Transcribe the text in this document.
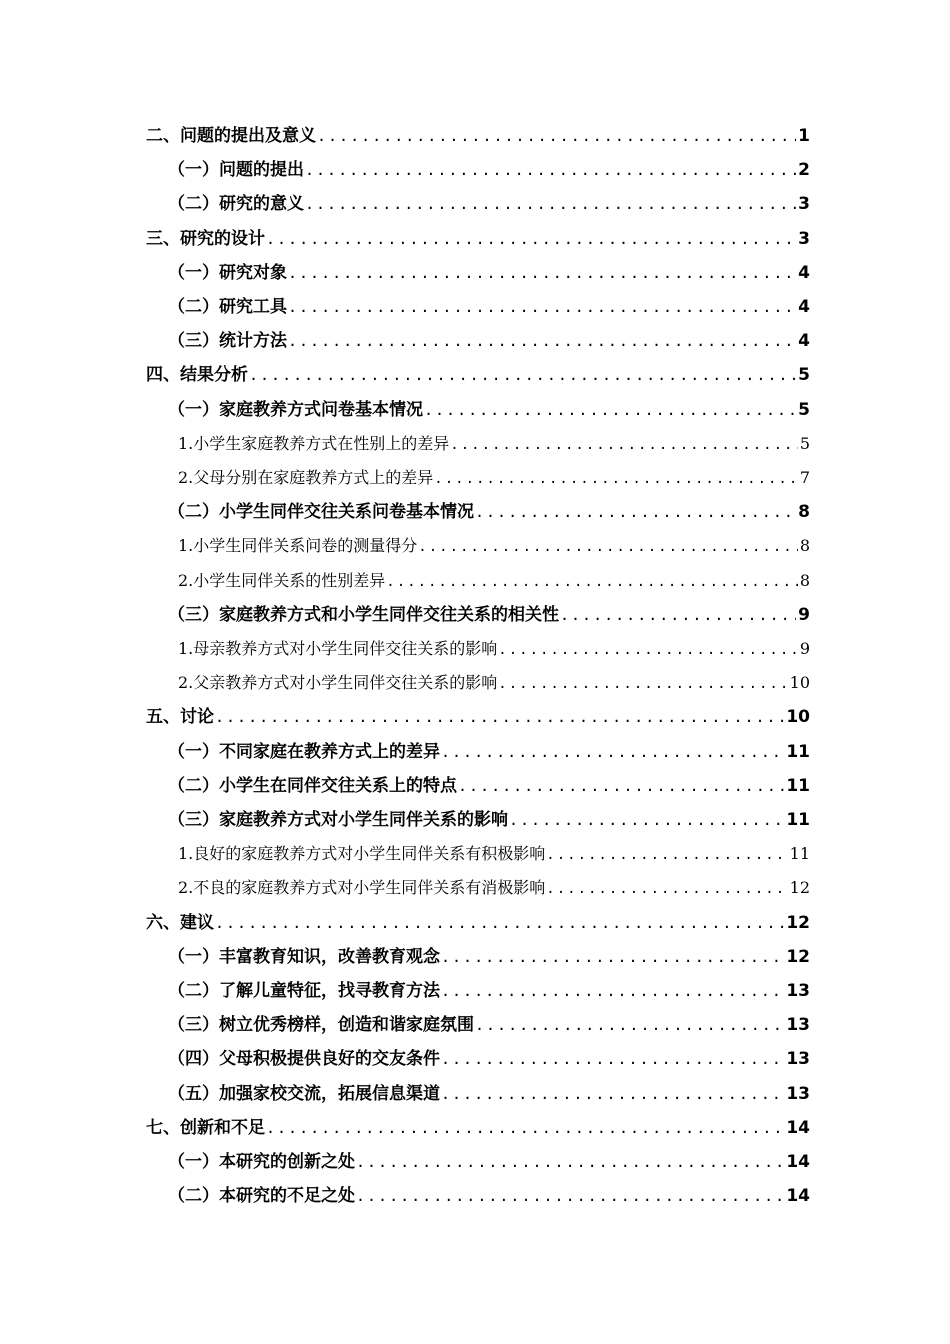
二、问题的提出及意义 .....	1
（一）问题的提出 .....	2
（二）研究的意义 .....	3
三、研究的设计 .....	3
（一）研究对象 .....	4
（二）研究工具 .....	4
（三）统计方法 .....	4
四、结果分析 .....	5
（一）家庭教养方式问卷基本情况 .....	5
1.小学生家庭教养方式在性别上的差异 .....	5
2.父母分别在家庭教养方式上的差异 .....	7
（二）小学生同伴交往关系问卷基本情况 .....	8
1.小学生同伴关系问卷的测量得分 .....	8
2.小学生同伴关系的性别差异 .....	8
（三）家庭教养方式和小学生同伴交往关系的相关性 .....	9
1.母亲教养方式对小学生同伴交往关系的影响 .....	9
2.父亲教养方式对小学生同伴交往关系的影响 .....	10
五、讨论 .....	10
（一）不同家庭在教养方式上的差异 .....	11
（二）小学生在同伴交往关系上的特点 .....	11
（三）家庭教养方式对小学生同伴关系的影响 .....	11
1.良好的家庭教养方式对小学生同伴关系有积极影响 .....	11
2.不良的家庭教养方式对小学生同伴关系有消极影响 .....	12
六、建议 .....	12
（一）丰富教育知识，改善教育观念 .....	12
（二）了解儿童特征，找寻教育方法 .....	13
（三）树立优秀榜样，创造和谐家庭氛围 .....	13
（四）父母积极提供良好的交友条件 .....	13
（五）加强家校交流，拓展信息渠道 .....	13
七、创新和不足 .....	14
（一）本研究的创新之处 .....	14
（二）本研究的不足之处 .....	14
